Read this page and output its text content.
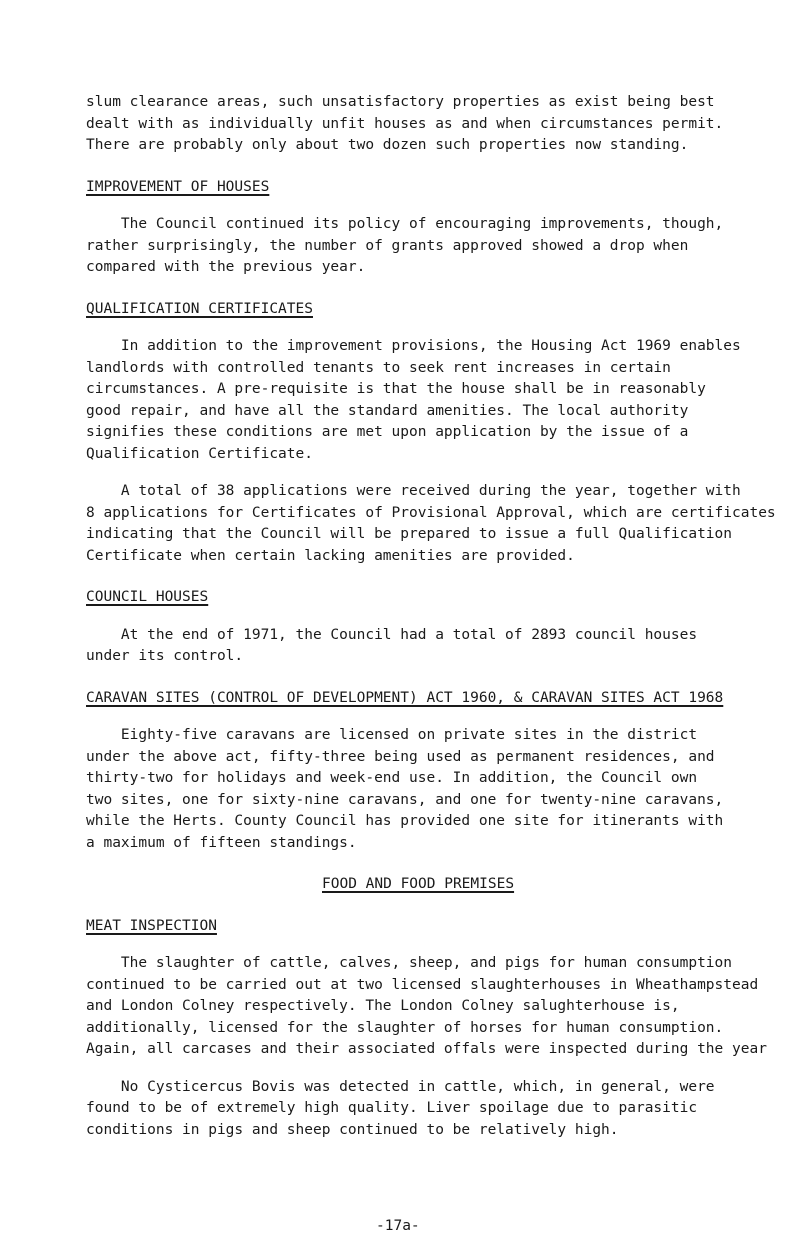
slum clearance areas, such unsatisfactory properties as exist being best
dealt with as individually unfit houses as and when circumstances permit.
There are probably only about two dozen such properties now standing.

IMPROVEMENT OF HOUSES

The Council continued its policy of encouraging improvements, though,
rather surprisingly, the number of grants approved showed a drop when
compared with the previous year.

QUALIFICATION CERTIFICATES

In addition to the improvement provisions, the Housing Act 1969 enables
landlords with controlled tenants to seek rent increases in certain
circumstances. A pre-requisite is that the house shall be in reasonably
good repair, and have all the standard amenities. The local authority
signifies these conditions are met upon application by the issue of a
Qualification Certificate.

A total of 38 applications were received during the year, together with
8 applications for Certificates of Provisional Approval, which are certificates
indicating that the Council will be prepared to issue a full Qualification
Certificate when certain lacking amenities are provided.

COUNCIL HOUSES

At the end of 1971, the Council had a total of 2893 council houses
under its control.

CARAVAN SITES (CONTROL OF DEVELOPMENT) ACT 1960, & CARAVAN SITES ACT 1968

Eighty-five caravans are licensed on private sites in the district
under the above act, fifty-three being used as permanent residences, and
thirty-two for holidays and week-end use. In addition, the Council own
two sites, one for sixty-nine caravans, and one for twenty-nine caravans,
while the Herts. County Council has provided one site for itinerants with
a maximum of fifteen standings.

FOOD AND FOOD PREMISES

MEAT INSPECTION

The slaughter of cattle, calves, sheep, and pigs for human consumption
continued to be carried out at two licensed slaughterhouses in Wheathampstead
and London Colney respectively. The London Colney salughterhouse is,
additionally, licensed for the slaughter of horses for human consumption.
Again, all carcases and their associated offals were inspected during the year

No Cysticercus Bovis was detected in cattle, which, in general, were
found to be of extremely high quality. Liver spoilage due to parasitic
conditions in pigs and sheep continued to be relatively high.

-17a-
